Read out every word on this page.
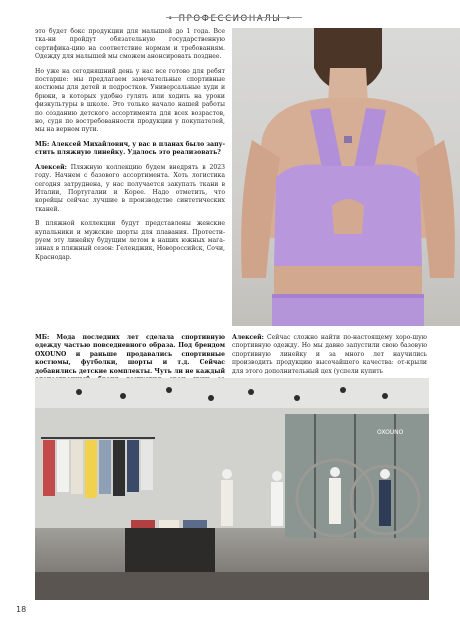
• ПРОФЕССИОНАЛЫ •

это будет бокс продукции для малышей до 1 года. Все тка-ни пройдут обязательную государственную сертифика-цию на соответствие нормам и требованиям. Одежду для малышей мы сможем анонсировать позднее.

Но уже на сегодняшний день у нас все готово для ребят постарше: мы предлагаем замечательные спортивные костюмы для детей и подростков. Универсальные худи и брюки, в которых удобно гулять или ходить на уроки физкультуры в школе. Это только начало нашей работы по созданию детского ассортимента для всех возрастов, но, судя по востребованности продукции у покупателей, мы на верном пути.

МБ: Алексей Михайлович, у вас в планах было запу-стить пляжную линейку. Удалось это реализовать?

Алексей: Пляжную коллекцию будем внедрять в 2023 году. Начнем с базового ассортимента. Хоть логистика сегодня затруднена, у нас получается закупать ткани в Италии, Португалии и Корее. Надо отметить, что корейцы сейчас лучшие в производстве синтетических тканей.

В пляжной коллекции будут представлены женские купальники и мужские шорты для плавания. Протести-руем эту линейку будущим летом в наших южных мага-зинах в пляжный сезон: Геленджик, Новороссийск, Сочи, Краснодар.

МБ: Мода последних лет сделала спортивную одежду частью повседневного образа. Под брендом OXOUNO и раньше продавались спортивные костюмы, футболки, шорты и т.д. Сейчас добавились детские комплекты. Чуть ли не каждый

Алексей: Сейчас сложно найти по-настоящему хоро-шую спортивную одежду. Но мы давно запустили свою базовую спортивную линейку и за много лет научились производить продукцию высочайшего качества: от-крыли для этого дополнительный цех (успели купить

OXOUNO
18
